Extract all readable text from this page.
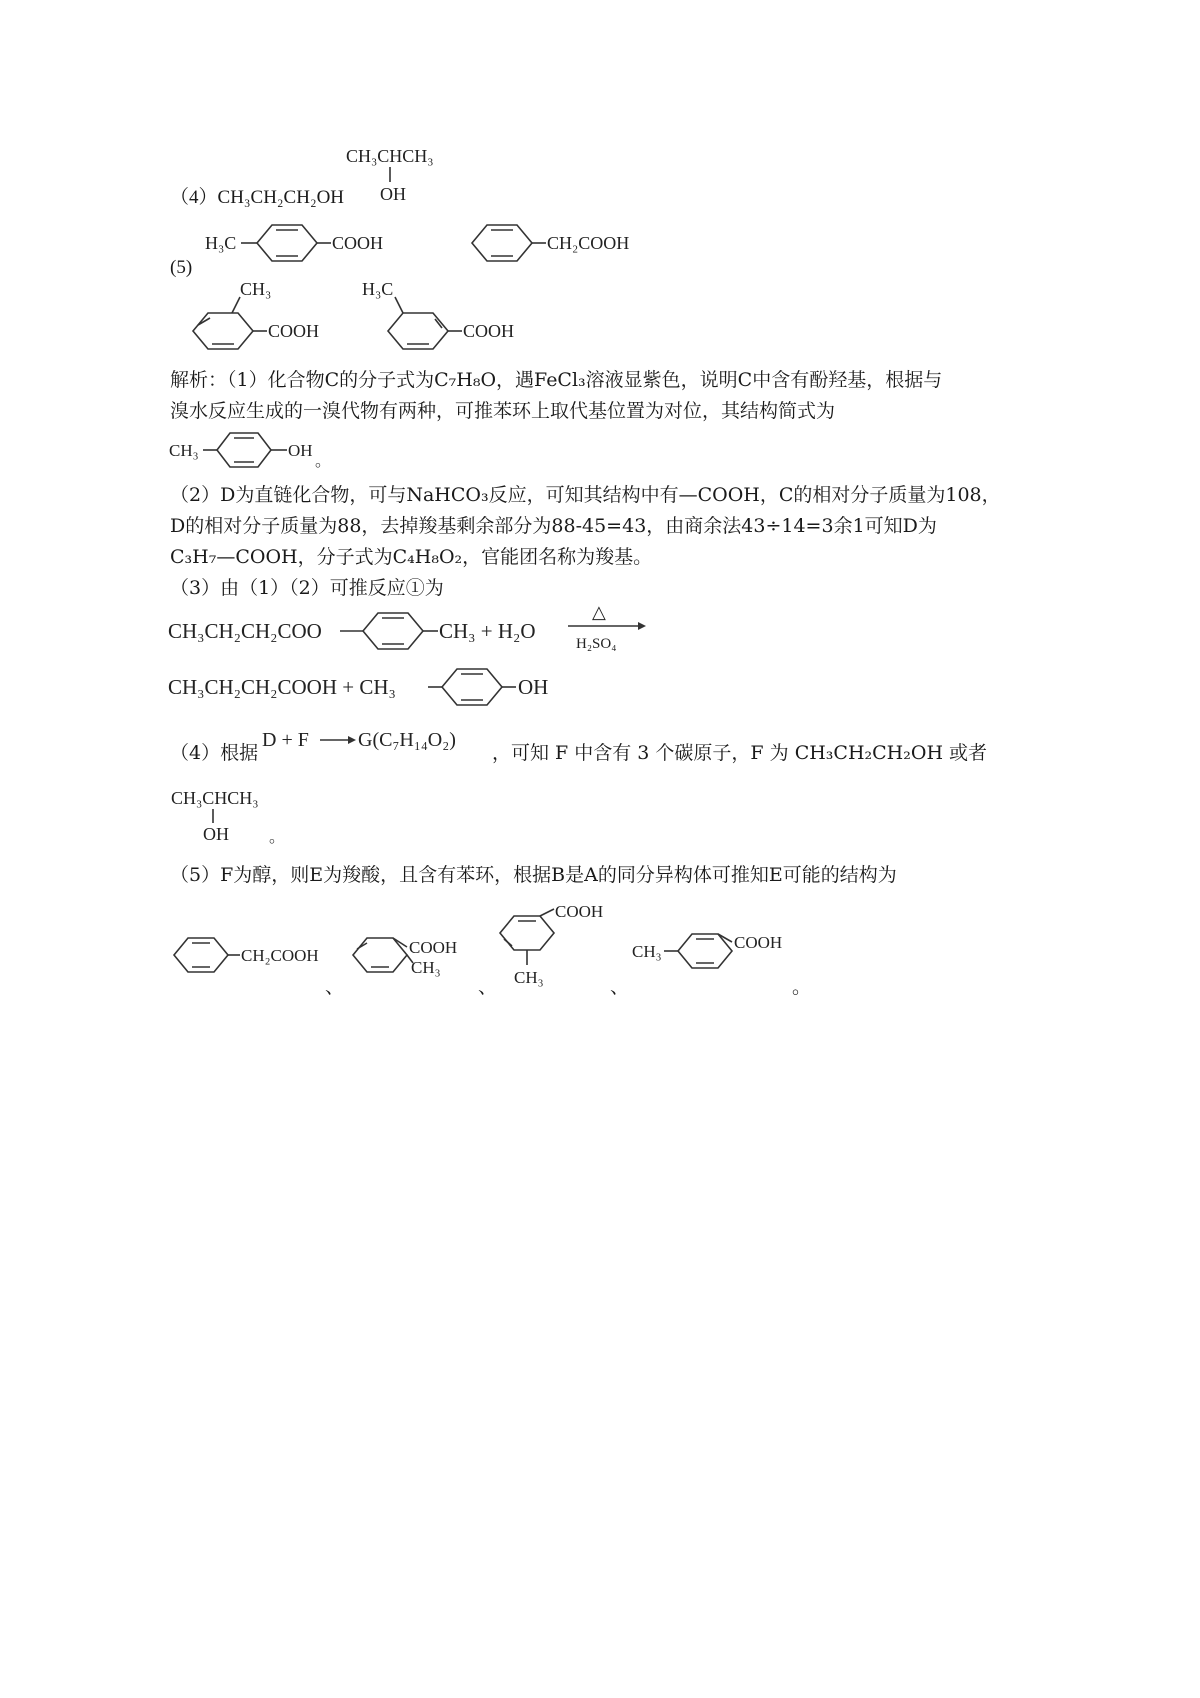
（4）CH₃CH₂CH₂OH
CH₃CHCH₃
OH
(5)
H₃C	COOH	CH₂COOH
CH₃
COOH
H₃C
COOH
解析：（1）化合物C的分子式为C₇H₈O，遇FeCl₃溶液显紫色，说明C中含有酚羟基，根据与
溴水反应生成的一溴代物有两种，可推苯环上取代基位置为对位，其结构简式为
CH₃	OH
。
（2）D为直链化合物，可与NaHCO₃反应，可知其结构中有—COOH，C的相对分子质量为108，
D的相对分子质量为88，去掉羧基剩余部分为88-45=43，由商余法43÷14=3余1可知D为
C₃H₇—COOH，分子式为C₄H₈O₂，官能团名称为羧基。
（3）由（1）（2）可推反应①为
CH₃CH₂CH₂COO	CH₃ + H₂O
△
H₂SO₄
CH₃CH₂CH₂COOH + CH₃	OH
（4）根据
D + F G(C₇H₁₄O₂)
，可知 F 中含有 3 个碳原子，F 为 CH₃CH₂CH₂OH 或者
CH₃CHCH₃
OH	。
（5）F为醇，则E为羧酸，且含有苯环，根据B是A的同分异构体可推知E可能的结构为
CH₂COOH
、
COOH
CH₃
、
COOH
CH₃	、
CH₃	COOH
。
